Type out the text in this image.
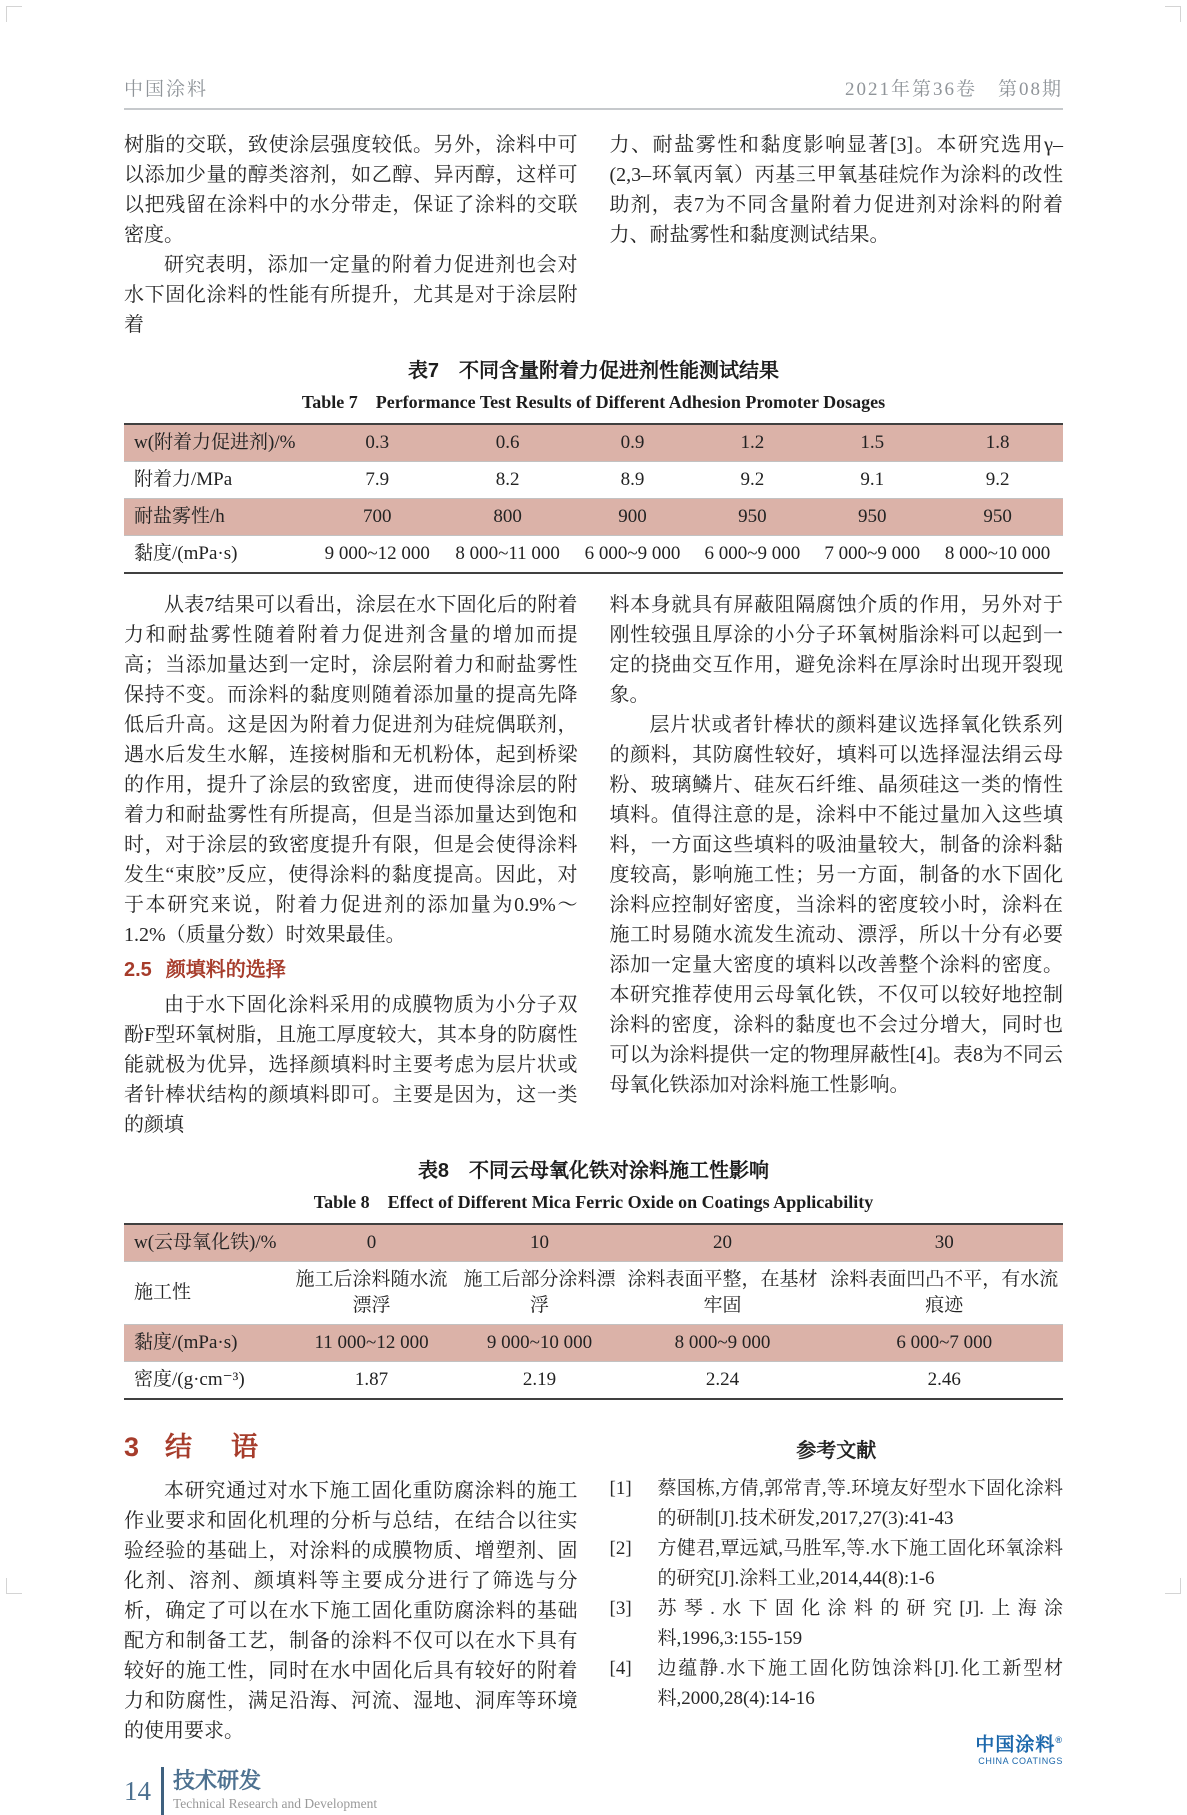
中国涂料	2021年第36卷　第08期

树脂的交联，致使涂层强度较低。另外，涂料中可以添加少量的醇类溶剂，如乙醇、异丙醇，这样可以把残留在涂料中的水分带走，保证了涂料的交联密度。

研究表明，添加一定量的附着力促进剂也会对水下固化涂料的性能有所提升，尤其是对于涂层附着

力、耐盐雾性和黏度影响显著[3]。本研究选用γ–(2,3–环氧丙氧）丙基三甲氧基硅烷作为涂料的改性助剂，表7为不同含量附着力促进剂对涂料的附着力、耐盐雾性和黏度测试结果。

表7　不同含量附着力促进剂性能测试结果
Table 7　Performance Test Results of Different Adhesion Promoter Dosages
w(附着力促进剂)/%	0.3	0.6	0.9	1.2	1.5	1.8
附着力/MPa	7.9	8.2	8.9	9.2	9.1	9.2
耐盐雾性/h	700	800	900	950	950	950
黏度/(mPa·s)	9 000~12 000	8 000~11 000	6 000~9 000	6 000~9 000	7 000~9 000	8 000~10 000

从表7结果可以看出，涂层在水下固化后的附着力和耐盐雾性随着附着力促进剂含量的增加而提高；当添加量达到一定时，涂层附着力和耐盐雾性保持不变。而涂料的黏度则随着添加量的提高先降低后升高。这是因为附着力促进剂为硅烷偶联剂，遇水后发生水解，连接树脂和无机粉体，起到桥梁的作用，提升了涂层的致密度，进而使得涂层的附着力和耐盐雾性有所提高，但是当添加量达到饱和时，对于涂层的致密度提升有限，但是会使得涂料发生“束胶”反应，使得涂料的黏度提高。因此，对于本研究来说，附着力促进剂的添加量为0.9%～1.2%（质量分数）时效果最佳。

2.5 颜填料的选择

由于水下固化涂料采用的成膜物质为小分子双酚F型环氧树脂，且施工厚度较大，其本身的防腐性能就极为优异，选择颜填料时主要考虑为层片状或者针棒状结构的颜填料即可。主要是因为，这一类的颜填

料本身就具有屏蔽阻隔腐蚀介质的作用，另外对于刚性较强且厚涂的小分子环氧树脂涂料可以起到一定的挠曲交互作用，避免涂料在厚涂时出现开裂现象。

层片状或者针棒状的颜料建议选择氧化铁系列的颜料，其防腐性较好，填料可以选择湿法绢云母粉、玻璃鳞片、硅灰石纤维、晶须硅这一类的惰性填料。值得注意的是，涂料中不能过量加入这些填料，一方面这些填料的吸油量较大，制备的涂料黏度较高，影响施工性；另一方面，制备的水下固化涂料应控制好密度，当涂料的密度较小时，涂料在施工时易随水流发生流动、漂浮，所以十分有必要添加一定量大密度的填料以改善整个涂料的密度。本研究推荐使用云母氧化铁，不仅可以较好地控制涂料的密度，涂料的黏度也不会过分增大，同时也可以为涂料提供一定的物理屏蔽性[4]。表8为不同云母氧化铁添加对涂料施工性影响。

表8　不同云母氧化铁对涂料施工性影响
Table 8　Effect of Different Mica Ferric Oxide on Coatings Applicability
w(云母氧化铁)/%	0	10	20	30
施工性	施工后涂料随水流漂浮	施工后部分涂料漂浮	涂料表面平整，在基材牢固	涂料表面凹凸不平，有水流痕迹
黏度/(mPa·s)	11 000~12 000	9 000~10 000	8 000~9 000	6 000~7 000
密度/(g·cm⁻³)	1.87	2.19	2.24	2.46
3 结　语

本研究通过对水下施工固化重防腐涂料的施工作业要求和固化机理的分析与总结，在结合以往实验经验的基础上，对涂料的成膜物质、增塑剂、固化剂、溶剂、颜填料等主要成分进行了筛选与分析，确定了可以在水下施工固化重防腐涂料的基础配方和制备工艺，制备的涂料不仅可以在水下具有较好的施工性，同时在水中固化后具有较好的附着力和防腐性，满足沿海、河流、湿地、洞库等环境的使用要求。

参考文献
[1]	蔡国栋,方倩,郭常青,等.环境友好型水下固化涂料的研制[J].技术研发,2017,27(3):41-43
[2]	方健君,覃远斌,马胜军,等.水下施工固化环氧涂料的研究[J].涂料工业,2014,44(8):1-6
[3]	苏琴.水下固化涂料的研究[J].上海涂料,1996,3:155-159
[4]	边蕴静.水下施工固化防蚀涂料[J].化工新型材料,2000,28(4):14-16
中国涂料®
CHINA COATINGS
14 技术研发
Technical Research and Development
